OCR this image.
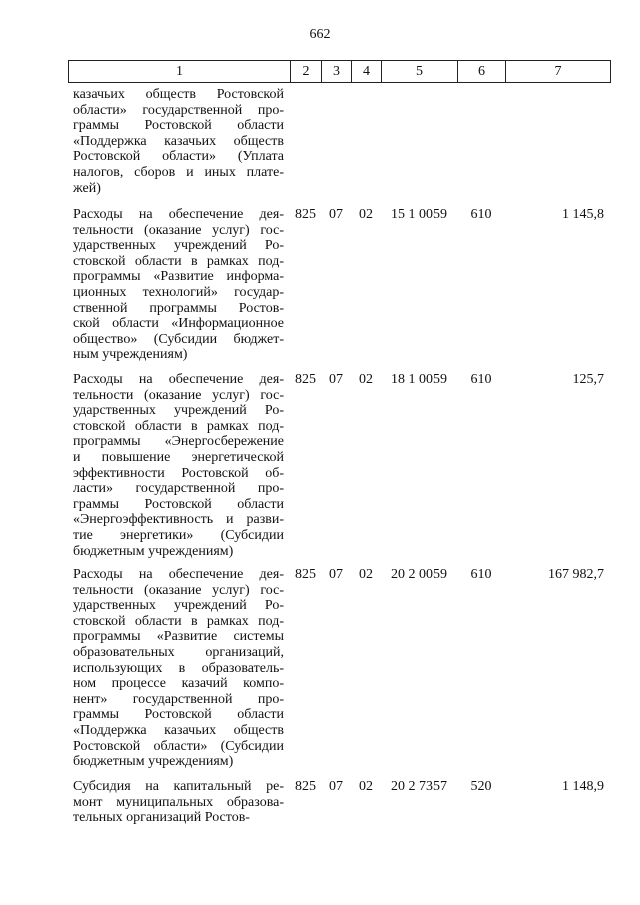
662
1	2	3	4	5	6	7
казачьих обществ Ростовской
области» государственной про-
граммы Ростовской области
«Поддержка казачьих обществ
Ростовской области» (Уплата
налогов, сборов и иных плате-
жей)
Расходы на обеспечение дея-
тельности (оказание услуг) гос-
ударственных учреждений Ро-
стовской области в рамках под-
программы «Развитие информа-
ционных технологий» государ-
ственной программы Ростов-
ской области «Информационное
общество» (Субсидии бюджет-
ным учреждениям)
825 07	02	15 1 0059	610	1 145,8
Расходы на обеспечение дея-
тельности (оказание услуг) гос-
ударственных учреждений Ро-
стовской области в рамках под-
программы «Энергосбережение
и повышение энергетической
эффективности Ростовской об-
ласти» государственной про-
граммы Ростовской области
«Энергоэффективность и разви-
тие энергетики» (Субсидии
бюджетным учреждениям)
825 07	02	18 1 0059	610	125,7
Расходы на обеспечение дея-
тельности (оказание услуг) гос-
ударственных учреждений Ро-
стовской области в рамках под-
программы «Развитие системы
образовательных организаций,
использующих в образователь-
ном процессе казачий компо-
нент» государственной про-
граммы Ростовской области
«Поддержка казачьих обществ
Ростовской области» (Субсидии
бюджетным учреждениям)
825 07	02	20 2 0059	610	167 982,7
Субсидия на капитальный ре-
монт муниципальных образова-
тельных организаций Ростов-
825 07	02	20 2 7357	520	1 148,9
